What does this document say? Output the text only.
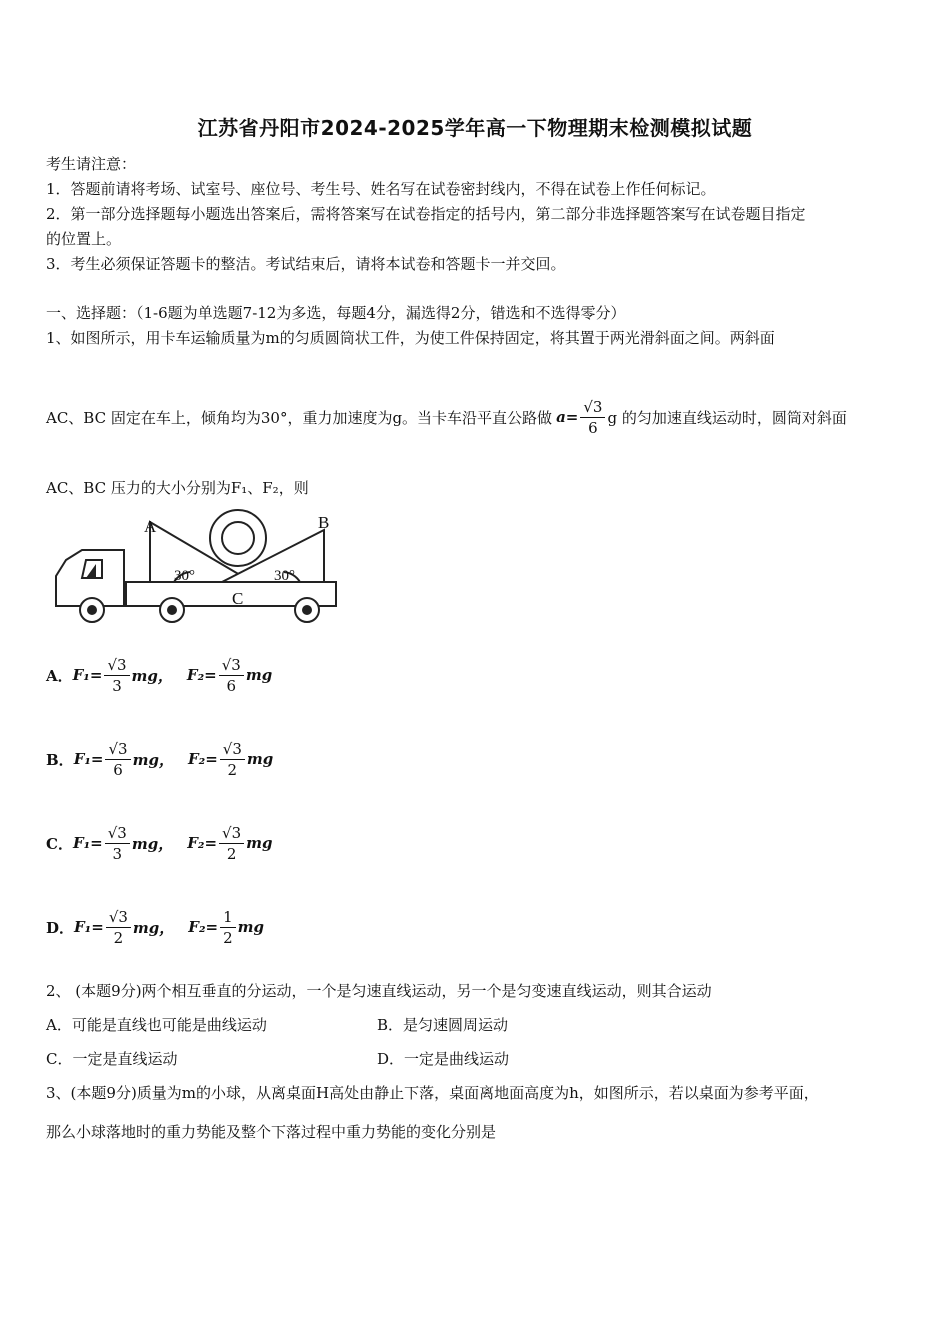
江苏省丹阳市2024-2025学年高一下物理期末检测模拟试题
考生请注意：
1．答题前请将考场、试室号、座位号、考生号、姓名写在试卷密封线内，不得在试卷上作任何标记。
2．第一部分选择题每小题选出答案后，需将答案写在试卷指定的括号内，第二部分非选择题答案写在试卷题目指定
的位置上。
3．考生必须保证答题卡的整洁。考试结束后，请将本试卷和答题卡一并交回。
一、选择题：（1-6题为单选题7-12为多选，每题4分，漏选得2分，错选和不选得零分）
1、如图所示，用卡车运输质量为m的匀质圆筒状工件，为使工件保持固定，将其置于两光滑斜面之间。两斜面
AC、BC 固定在车上，倾角均为30°，重力加速度为g。当卡车沿平直公路做 $a= \frac{√3}{6}$ g 的匀加速直线运动时，圆筒对斜面
AC、BC 压力的大小分别为F₁、F₂，则
A	B
C
30°	30°
A． $F_1= \frac{√3}{3}$ mg， $F_2= \frac{√3}{6}$ mg
B． $F_1= \frac{√3}{6}$ mg， $F_2= \frac{√3}{2}$ mg
C． $F_1= \frac{√3}{3}$ mg， $F_2= \frac{√3}{2}$ mg
D． $F_1= \frac{√3}{2}$ mg， $F_2= \frac{1}{2}$ mg
2、 (本题9分)两个相互垂直的分运动，一个是匀速直线运动，另一个是匀变速直线运动，则其合运动
A．可能是直线也可能是曲线运动	B．是匀速圆周运动
C．一定是直线运动	D．一定是曲线运动
3、(本题9分)质量为m的小球，从离桌面H高处由静止下落，桌面离地面高度为h，如图所示，若以桌面为参考平面，
那么小球落地时的重力势能及整个下落过程中重力势能的变化分别是
